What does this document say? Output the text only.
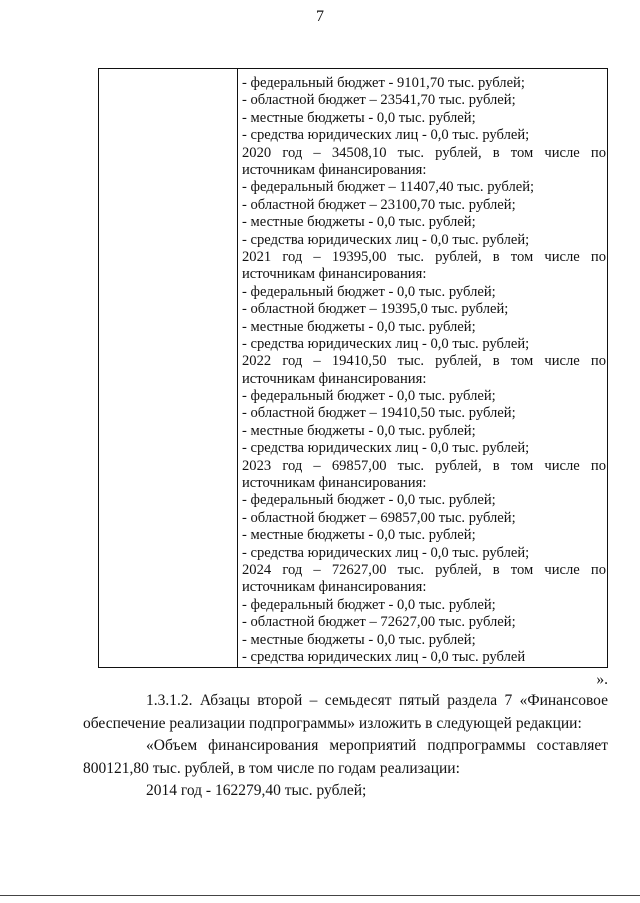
7
- федеральный бюджет - 9101,70 тыс. рублей;
- областной бюджет – 23541,70 тыс. рублей;
- местные бюджеты - 0,0 тыс. рублей;
- средства юридических лиц - 0,0 тыс. рублей;
2020 год – 34508,10 тыс. рублей, в том числе по
источникам финансирования:
- федеральный бюджет – 11407,40 тыс. рублей;
- областной бюджет – 23100,70 тыс. рублей;
- местные бюджеты - 0,0 тыс. рублей;
- средства юридических лиц - 0,0 тыс. рублей;
2021 год – 19395,00 тыс. рублей, в том числе по
источникам финансирования:
- федеральный бюджет - 0,0 тыс. рублей;
- областной бюджет – 19395,0 тыс. рублей;
- местные бюджеты - 0,0 тыс. рублей;
- средства юридических лиц - 0,0 тыс. рублей;
2022 год – 19410,50 тыс. рублей, в том числе по
источникам финансирования:
- федеральный бюджет - 0,0 тыс. рублей;
- областной бюджет – 19410,50 тыс. рублей;
- местные бюджеты - 0,0 тыс. рублей;
- средства юридических лиц - 0,0 тыс. рублей;
2023 год – 69857,00 тыс. рублей, в том числе по
источникам финансирования:
- федеральный бюджет - 0,0 тыс. рублей;
- областной бюджет – 69857,00 тыс. рублей;
- местные бюджеты - 0,0 тыс. рублей;
- средства юридических лиц - 0,0 тыс. рублей;
2024 год – 72627,00 тыс. рублей, в том числе по
источникам финансирования:
- федеральный бюджет - 0,0 тыс. рублей;
- областной бюджет – 72627,00 тыс. рублей;
- местные бюджеты - 0,0 тыс. рублей;
- средства юридических лиц - 0,0 тыс. рублей
».
1.3.1.2. Абзацы второй – семьдесят пятый раздела 7 «Финансовое
обеспечение реализации подпрограммы» изложить в следующей редакции:
«Объем финансирования мероприятий подпрограммы составляет
800121,80 тыс. рублей, в том числе по годам реализации:
2014 год - 162279,40 тыс. рублей;
